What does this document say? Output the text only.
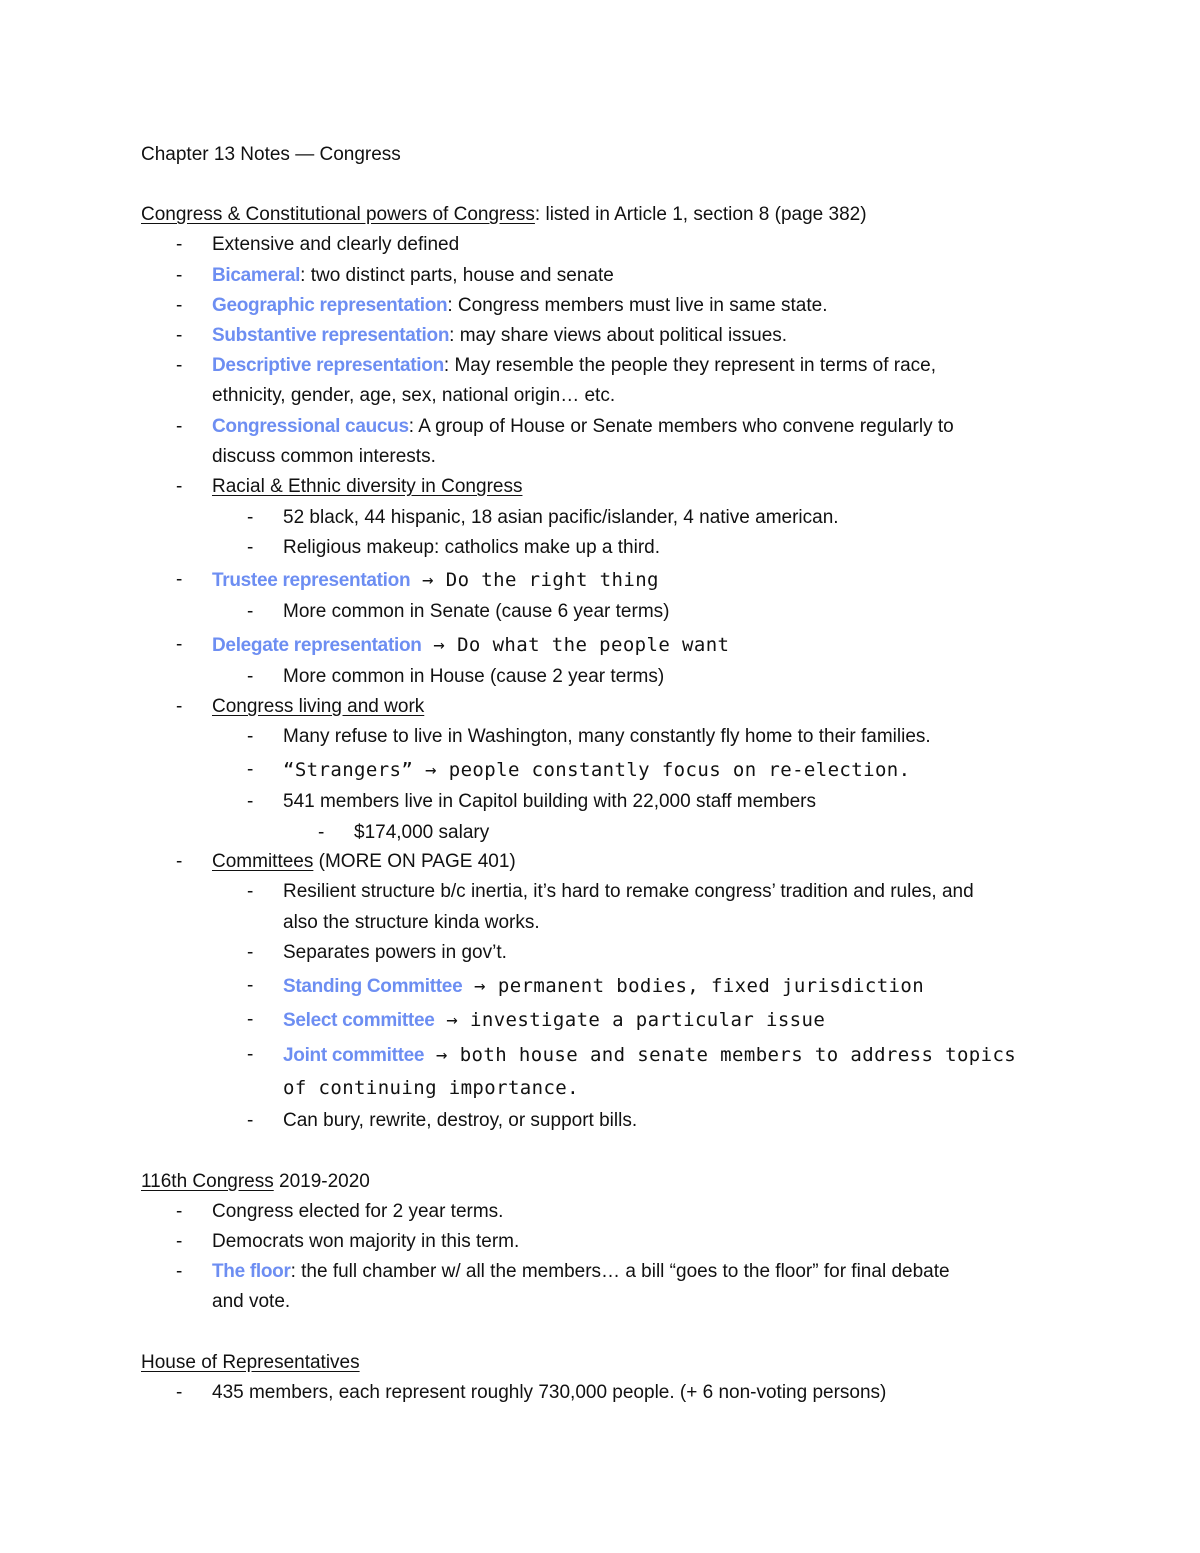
Chapter 13 Notes — Congress
Congress & Constitutional powers of Congress: listed in Article 1, section 8 (page 382)
- Extensive and clearly defined
- Bicameral: two distinct parts, house and senate
- Geographic representation: Congress members must live in same state.
- Substantive representation: may share views about political issues.
- Descriptive representation: May resemble the people they represent in terms of race,
ethnicity, gender, age, sex, national origin… etc.
- Congressional caucus: A group of House or Senate members who convene regularly to
discuss common interests.
- Racial & Ethnic diversity in Congress
- 52 black, 44 hispanic, 18 asian pacific/islander, 4 native american.
- Religious makeup: catholics make up a third.
- Trustee representation → Do the right thing
- More common in Senate (cause 6 year terms)
- Delegate representation → Do what the people want
- More common in House (cause 2 year terms)
- Congress living and work
- Many refuse to live in Washington, many constantly fly home to their families.
- “Strangers” → people constantly focus on re-election.
- 541 members live in Capitol building with 22,000 staff members
- $174,000 salary
- Committees (MORE ON PAGE 401)
- Resilient structure b/c inertia, it’s hard to remake congress’ tradition and rules, and
also the structure kinda works.
- Separates powers in gov’t.
- Standing Committee → permanent bodies, fixed jurisdiction
- Select committee → investigate a particular issue
- Joint committee → both house and senate members to address topics
of continuing importance.
- Can bury, rewrite, destroy, or support bills.
116th Congress 2019-2020
- Congress elected for 2 year terms.
- Democrats won majority in this term.
- The floor: the full chamber w/ all the members… a bill “goes to the floor” for final debate
and vote.
House of Representatives
- 435 members, each represent roughly 730,000 people. (+ 6 non-voting persons)
